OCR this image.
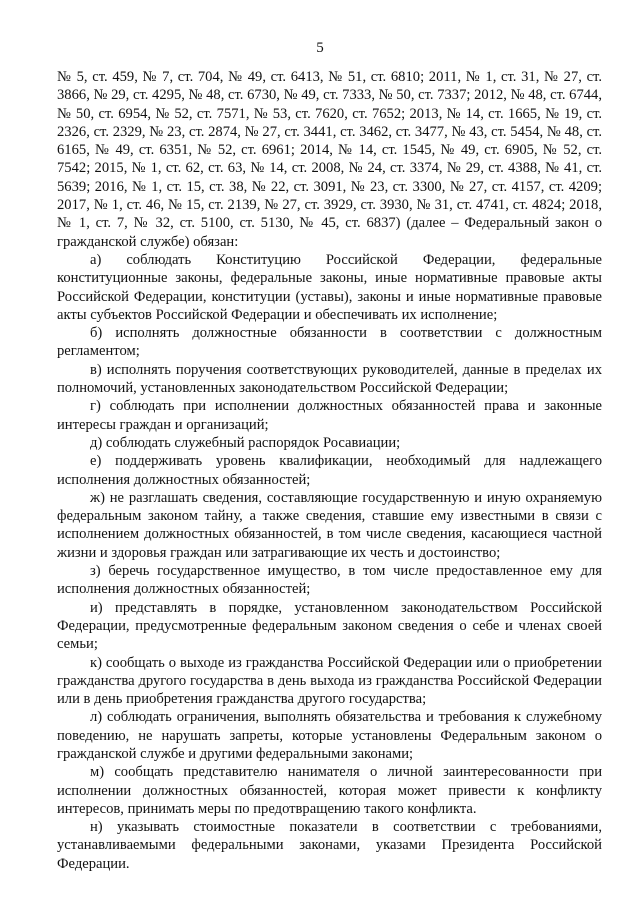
5

№ 5, ст. 459, № 7, ст. 704, № 49, ст. 6413, № 51, ст. 6810; 2011, № 1, ст. 31, № 27, ст. 3866, № 29, ст. 4295, № 48, ст. 6730, № 49, ст. 7333, № 50, ст. 7337; 2012, № 48, ст. 6744, № 50, ст. 6954, № 52, ст. 7571, № 53, ст. 7620, ст. 7652; 2013, № 14, ст. 1665, № 19, ст. 2326, ст. 2329, № 23, ст. 2874, № 27, ст. 3441, ст. 3462, ст. 3477, № 43, ст. 5454, № 48, ст. 6165, № 49, ст. 6351, № 52, ст. 6961; 2014, № 14, ст. 1545, № 49, ст. 6905, № 52, ст. 7542; 2015, № 1, ст. 62, ст. 63, № 14, ст. 2008, № 24, ст. 3374, № 29, ст. 4388, № 41, ст. 5639; 2016, № 1, ст. 15, ст. 38, № 22, ст. 3091, № 23, ст. 3300, № 27, ст. 4157, ст. 4209; 2017, № 1, ст. 46, № 15, ст. 2139, № 27, ст. 3929, ст. 3930, № 31, ст. 4741, ст. 4824; 2018, № 1, ст. 7, № 32, ст. 5100, ст. 5130, № 45, ст. 6837) (далее – Федеральный закон о гражданской службе) обязан:

а) соблюдать Конституцию Российской Федерации, федеральные конституционные законы, федеральные законы, иные нормативные правовые акты Российской Федерации, конституции (уставы), законы и иные нормативные правовые акты субъектов Российской Федерации и обеспечивать их исполнение;

б) исполнять должностные обязанности в соответствии с должностным регламентом;

в) исполнять поручения соответствующих руководителей, данные в пределах их полномочий, установленных законодательством Российской Федерации;

г) соблюдать при исполнении должностных обязанностей права и законные интересы граждан и организаций;

д) соблюдать служебный распорядок Росавиации;

е) поддерживать уровень квалификации, необходимый для надлежащего исполнения должностных обязанностей;

ж) не разглашать сведения, составляющие государственную и иную охраняемую федеральным законом тайну, а также сведения, ставшие ему известными в связи с исполнением должностных обязанностей, в том числе сведения, касающиеся частной жизни и здоровья граждан или затрагивающие их честь и достоинство;

з) беречь государственное имущество, в том числе предоставленное ему для исполнения должностных обязанностей;

и) представлять в порядке, установленном законодательством Российской Федерации, предусмотренные федеральным законом сведения о себе и членах своей семьи;

к) сообщать о выходе из гражданства Российской Федерации или о приобретении гражданства другого государства в день выхода из гражданства Российской Федерации или в день приобретения гражданства другого государства;

л) соблюдать ограничения, выполнять обязательства и требования к служебному поведению, не нарушать запреты, которые установлены Федеральным законом о гражданской службе и другими федеральными законами;

м) сообщать представителю нанимателя о личной заинтересованности при исполнении должностных обязанностей, которая может привести к конфликту интересов, принимать меры по предотвращению такого конфликта.

н) указывать стоимостные показатели в соответствии с требованиями, устанавливаемыми федеральными законами, указами Президента Российской Федерации.
